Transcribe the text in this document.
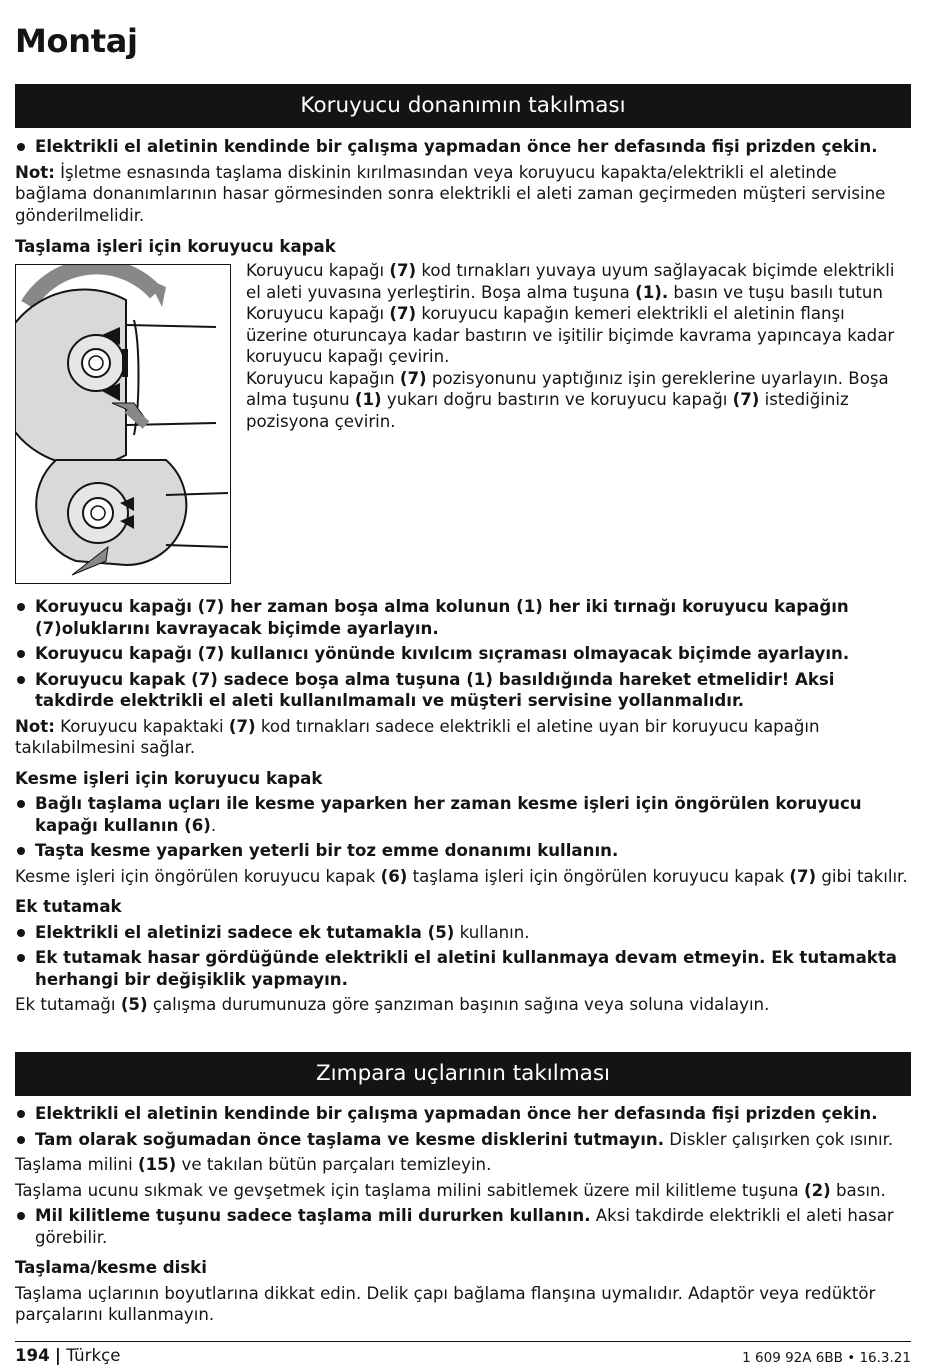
Montaj
Koruyucu donanımın takılması

Elektrikli el aletinin kendinde bir çalışma yapmadan önce her defasında fişi prizden çekin.

Not: İşletme esnasında taşlama diskinin kırılmasından veya koruyucu kapakta/elektrikli el aletinde bağlama donanımlarının hasar görmesinden sonra elektrikli el aleti zaman geçirmeden müşteri servisine gönderilmelidir.

Taşlama işleri için koruyucu kapak

Koruyucu kapağı (7) kod tırnakları yuvaya uyum sağlayacak biçimde elektrikli el aleti yuvasına yerleştirin. Boşa alma tuşuna (1). basın ve tuşu basılı tutun Koruyucu kapağı (7) koruyucu kapağın kemeri elektrikli el aletinin flanşı üzerine oturuncaya kadar bastırın ve işitilir biçimde kavrama yapıncaya kadar koruyucu kapağı çevirin.

Koruyucu kapağın (7) pozisyonunu yaptığınız işin gereklerine uyarlayın. Boşa alma tuşunu (1) yukarı doğru bastırın ve koruyucu kapağı (7) istediğiniz pozisyona çevirin.

Koruyucu kapağı (7) her zaman boşa alma kolunun (1) her iki tırnağı koruyucu kapağın (7)oluklarını kavrayacak biçimde ayarlayın.

Koruyucu kapağı (7) kullanıcı yönünde kıvılcım sıçraması olmayacak biçimde ayarlayın.

Koruyucu kapak (7) sadece boşa alma tuşuna (1) basıldığında hareket etmelidir! Aksi takdirde elektrikli el aleti kullanılmamalı ve müşteri servisine yollanmalıdır.

Not: Koruyucu kapaktaki (7) kod tırnakları sadece elektrikli el aletine uyan bir koruyucu kapağın takılabilmesini sağlar.

Kesme işleri için koruyucu kapak

Bağlı taşlama uçları ile kesme yaparken her zaman kesme işleri için öngörülen koruyucu kapağı kullanın (6).

Taşta kesme yaparken yeterli bir toz emme donanımı kullanın.

Kesme işleri için öngörülen koruyucu kapak (6) taşlama işleri için öngörülen koruyucu kapak (7) gibi takılır.

Ek tutamak

Elektrikli el aletinizi sadece ek tutamakla (5) kullanın.

Ek tutamak hasar gördüğünde elektrikli el aletini kullanmaya devam etmeyin. Ek tutamakta herhangi bir değişiklik yapmayın.

Ek tutamağı (5) çalışma durumunuza göre şanzıman başının sağına veya soluna vidalayın.

Zımpara uçlarının takılması

Elektrikli el aletinin kendinde bir çalışma yapmadan önce her defasında fişi prizden çekin.

Tam olarak soğumadan önce taşlama ve kesme disklerini tutmayın. Diskler çalışırken çok ısınır.

Taşlama milini (15) ve takılan bütün parçaları temizleyin.

Taşlama ucunu sıkmak ve gevşetmek için taşlama milini sabitlemek üzere mil kilitleme tuşuna (2) basın.

Mil kilitleme tuşunu sadece taşlama mili dururken kullanın. Aksi takdirde elektrikli el aleti hasar görebilir.

Taşlama/kesme diski

Taşlama uçlarının boyutlarına dikkat edin. Delik çapı bağlama flanşına uymalıdır. Adaptör veya redüktör parçalarını kullanmayın.

194 | Türkçe	1 609 92A 6BB • 16.3.21
